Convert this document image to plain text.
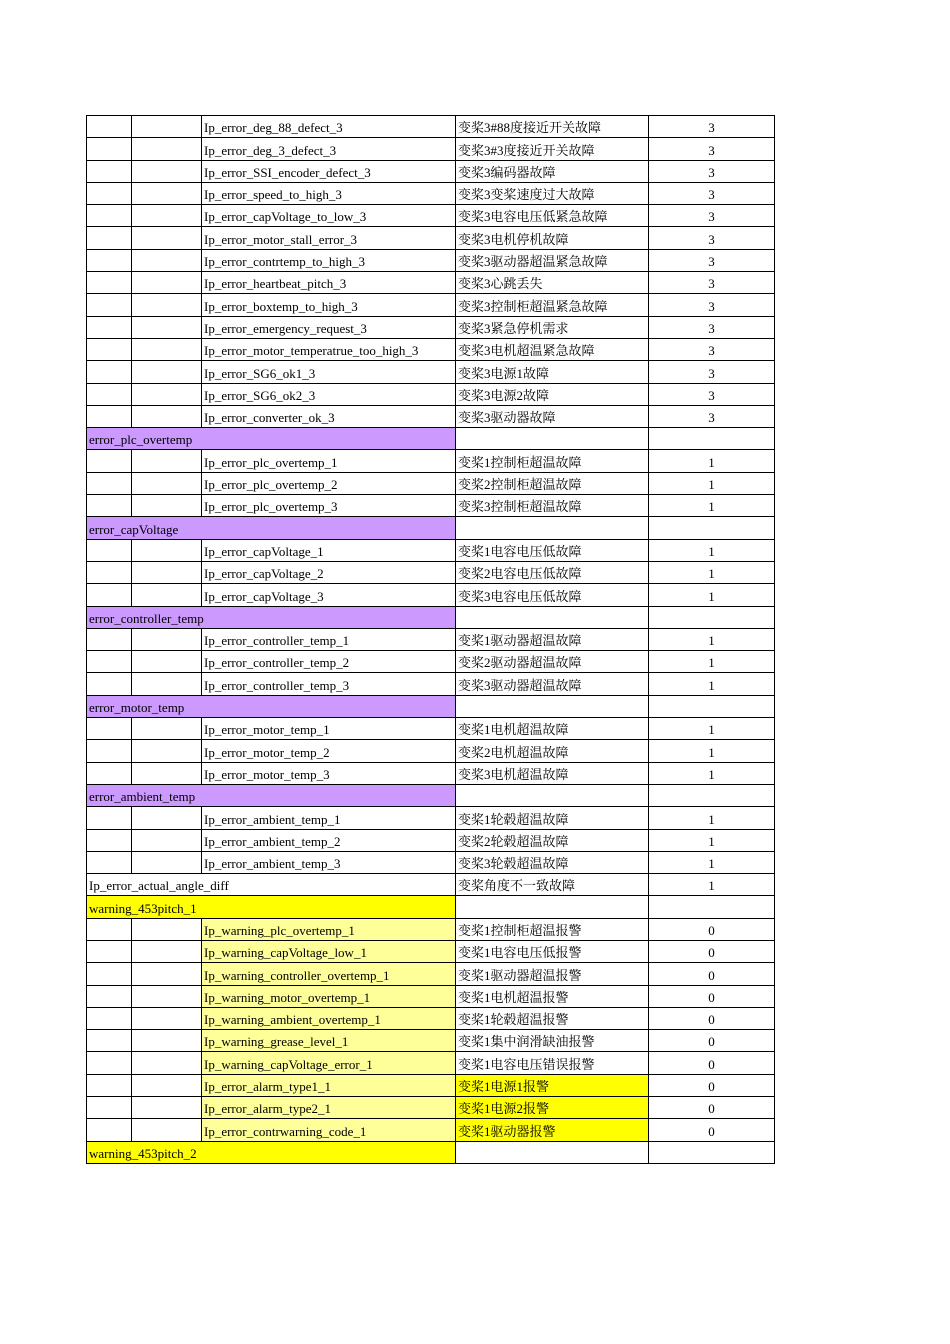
		Ip_error_deg_88_defect_3	变桨3#88度接近开关故障	3
		Ip_error_deg_3_defect_3	变桨3#3度接近开关故障	3
		Ip_error_SSI_encoder_defect_3	变桨3编码器故障	3
		Ip_error_speed_to_high_3	变桨3变桨速度过大故障	3
		Ip_error_capVoltage_to_low_3	变桨3电容电压低紧急故障	3
		Ip_error_motor_stall_error_3	变桨3电机停机故障	3
		Ip_error_contrtemp_to_high_3	变桨3驱动器超温紧急故障	3
		Ip_error_heartbeat_pitch_3	变桨3心跳丢失	3
		Ip_error_boxtemp_to_high_3	变桨3控制柜超温紧急故障	3
		Ip_error_emergency_request_3	变桨3紧急停机需求	3
		Ip_error_motor_temperatrue_too_high_3	变桨3电机超温紧急故障	3
		Ip_error_SG6_ok1_3	变桨3电源1故障	3
		Ip_error_SG6_ok2_3	变桨3电源2故障	3
		Ip_error_converter_ok_3	变桨3驱动器故障	3
error_plc_overtemp				
		Ip_error_plc_overtemp_1	变桨1控制柜超温故障	1
		Ip_error_plc_overtemp_2	变桨2控制柜超温故障	1
		Ip_error_plc_overtemp_3	变桨3控制柜超温故障	1
error_capVoltage				
		Ip_error_capVoltage_1	变桨1电容电压低故障	1
		Ip_error_capVoltage_2	变桨2电容电压低故障	1
		Ip_error_capVoltage_3	变桨3电容电压低故障	1
error_controller_temp				
		Ip_error_controller_temp_1	变桨1驱动器超温故障	1
		Ip_error_controller_temp_2	变桨2驱动器超温故障	1
		Ip_error_controller_temp_3	变桨3驱动器超温故障	1
error_motor_temp				
		Ip_error_motor_temp_1	变桨1电机超温故障	1
		Ip_error_motor_temp_2	变桨2电机超温故障	1
		Ip_error_motor_temp_3	变桨3电机超温故障	1
error_ambient_temp				
		Ip_error_ambient_temp_1	变桨1轮毂超温故障	1
		Ip_error_ambient_temp_2	变桨2轮毂超温故障	1
		Ip_error_ambient_temp_3	变桨3轮毂超温故障	1
Ip_error_actual_angle_diff			变桨角度不一致故障	1
warning_453pitch_1				
		Ip_warning_plc_overtemp_1	变桨1控制柜超温报警	0
		Ip_warning_capVoltage_low_1	变桨1电容电压低报警	0
		Ip_warning_controller_overtemp_1	变桨1驱动器超温报警	0
		Ip_warning_motor_overtemp_1	变桨1电机超温报警	0
		Ip_warning_ambient_overtemp_1	变桨1轮毂超温报警	0
		Ip_warning_grease_level_1	变桨1集中润滑缺油报警	0
		Ip_warning_capVoltage_error_1	变桨1电容电压错误报警	0
		Ip_error_alarm_type1_1	变桨1电源1报警	0
		Ip_error_alarm_type2_1	变桨1电源2报警	0
		Ip_error_contrwarning_code_1	变桨1驱动器报警	0
warning_453pitch_2				
